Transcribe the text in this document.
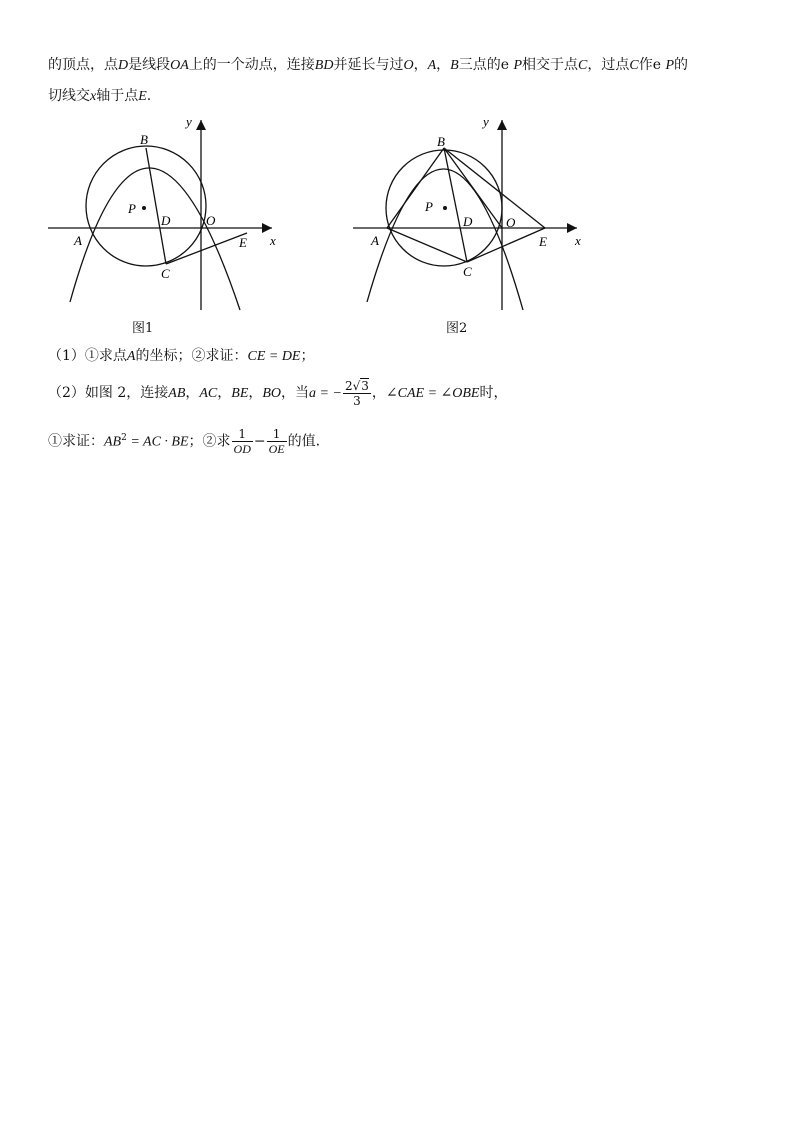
的顶点，点D是线段OA上的一个动点，连接BD并延长与过O，A，B三点的e P相交于点C，过点C作e P的
切线交x轴于点E.
B
P
D	O
A
C
E x
y
图1
B
P
D	O
A
C
E x
y
图2
（1）①求点A的坐标；②求证：CE = DE；
（2）如图 2，连接AB，AC，BE，BO，当a = − $\frac{2√3}{3}$ ，∠CAE = ∠OBE时，
①求证：$AB^2$ = AC · BE；②求 $\frac{1}{OD} - \frac{1}{OE}$ 的值.
